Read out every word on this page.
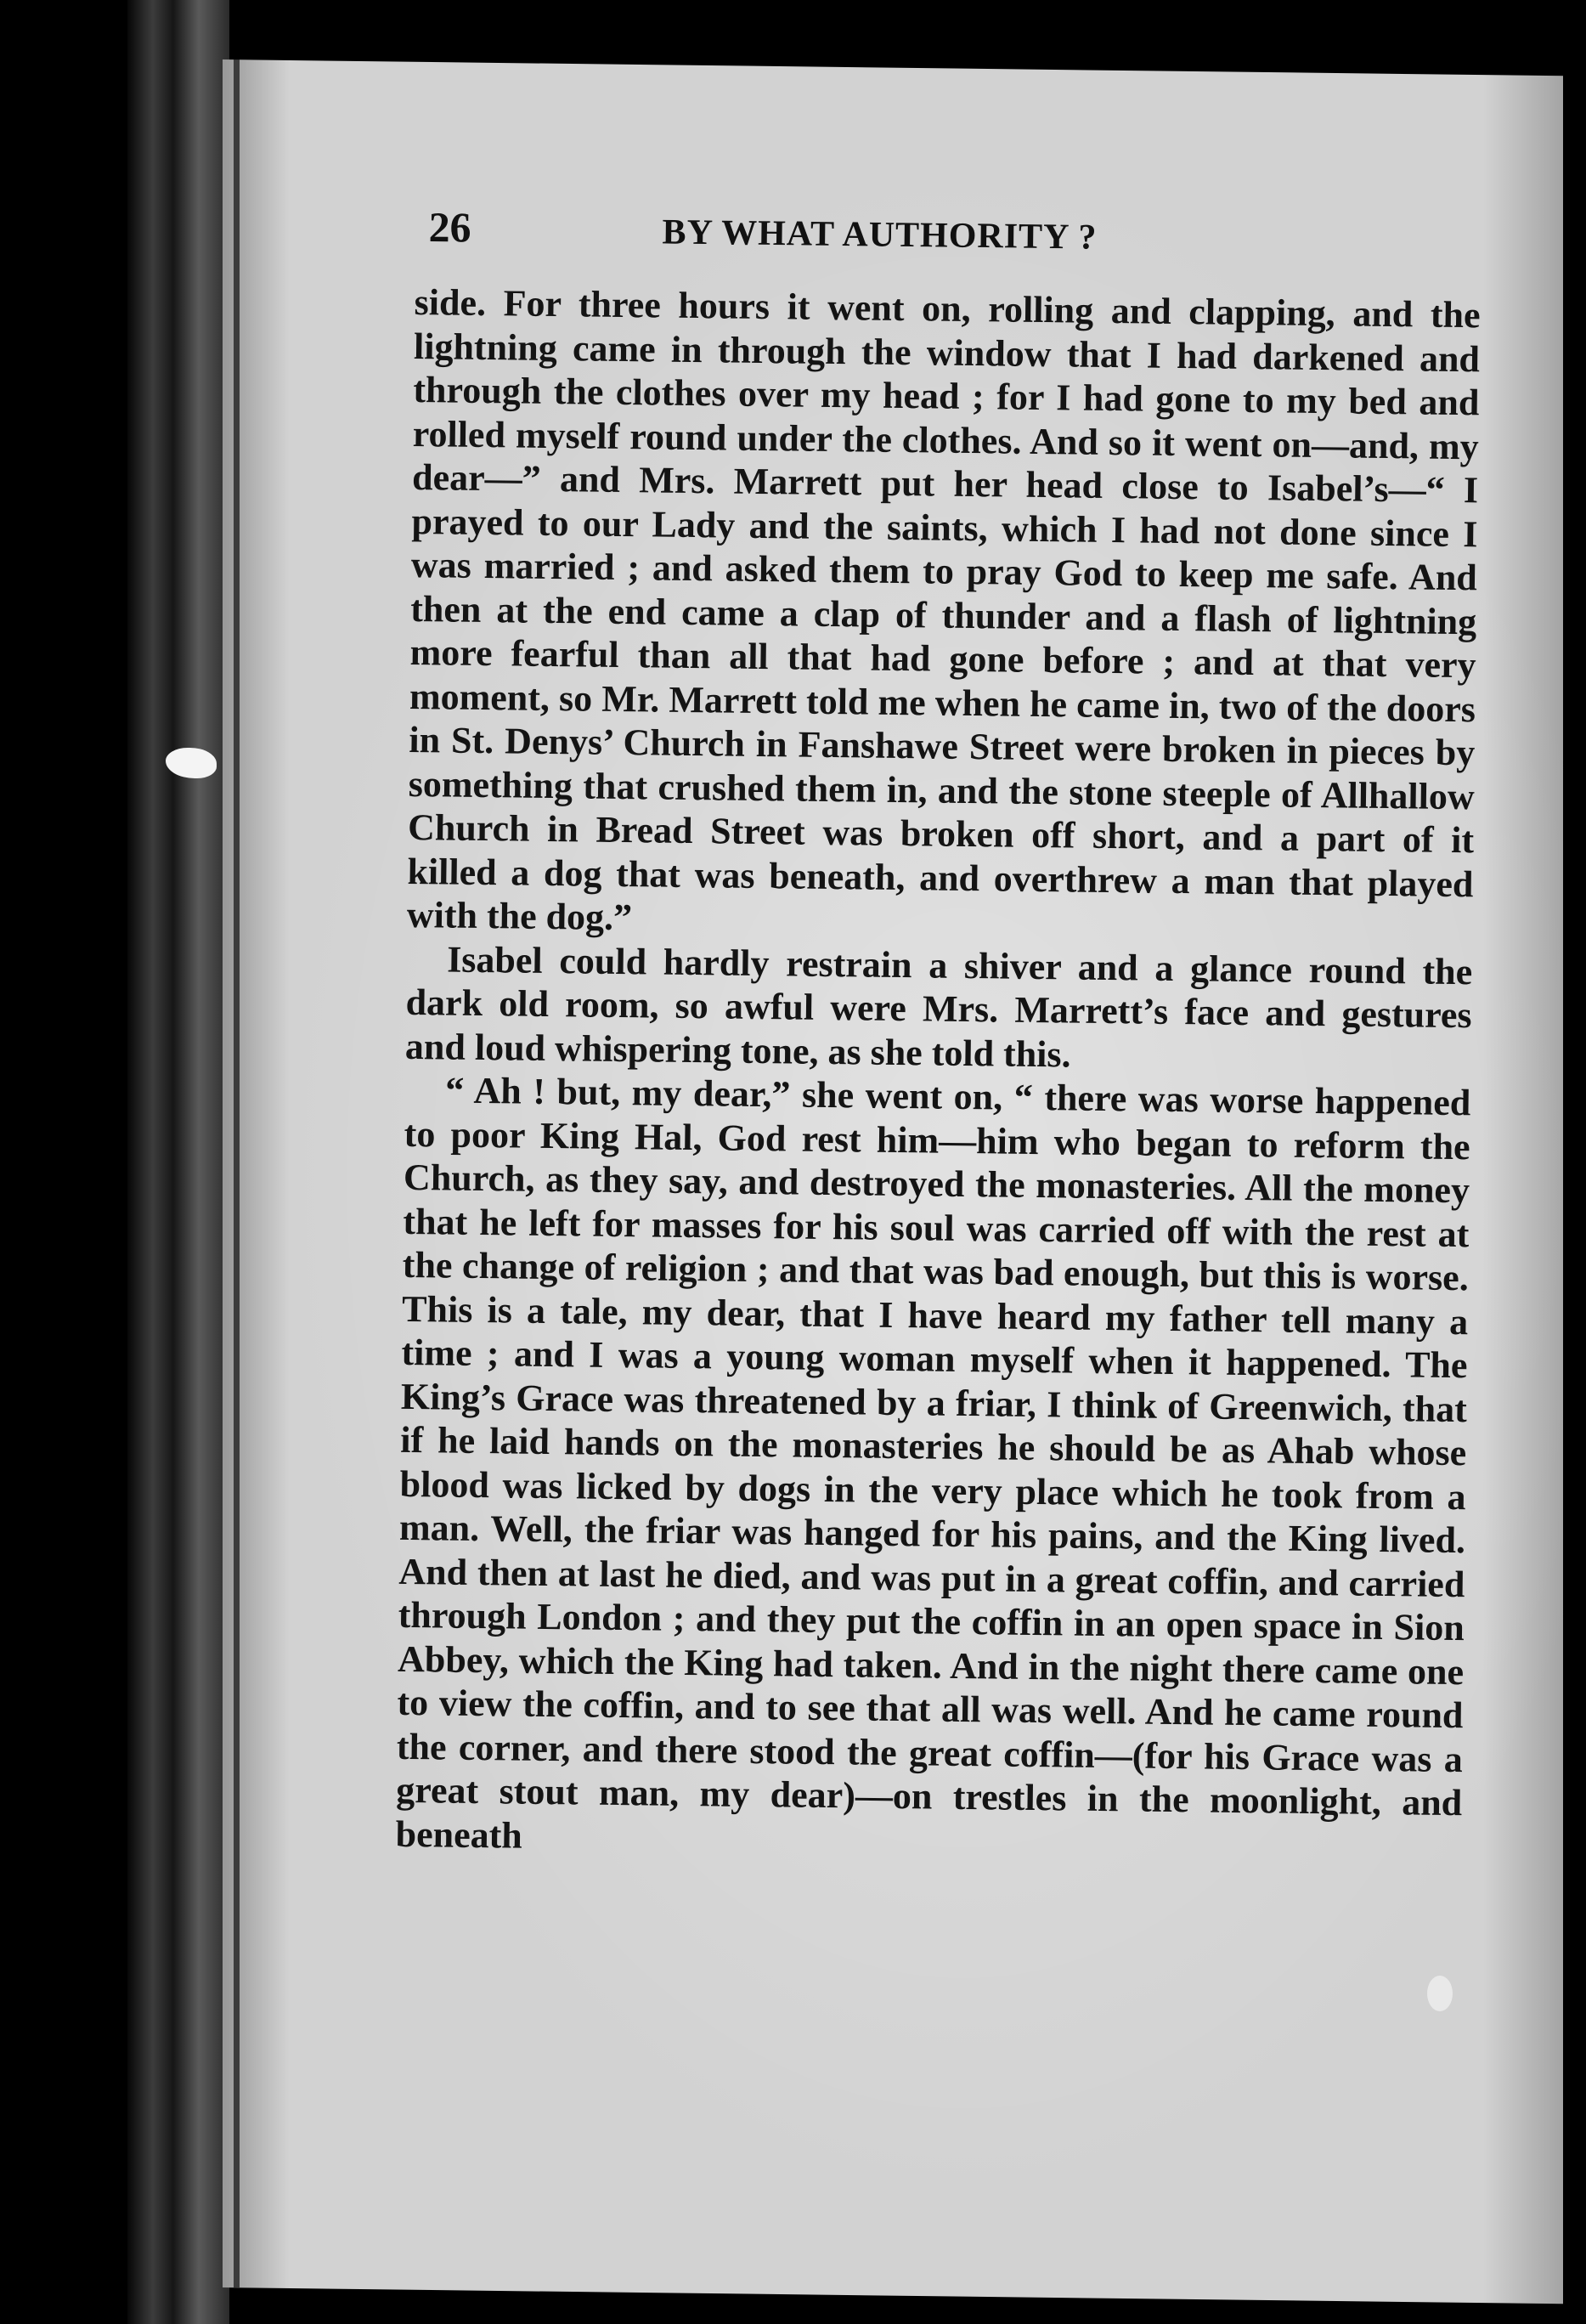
26	BY WHAT AUTHORITY ?

side. For three hours it went on, rolling and clapping, and the lightning came in through the window that I had darkened and through the clothes over my head ; for I had gone to my bed and rolled myself round under the clothes. And so it went on—and, my dear—” and Mrs. Marrett put her head close to Isabel’s—“ I prayed to our Lady and the saints, which I had not done since I was married ; and asked them to pray God to keep me safe. And then at the end came a clap of thunder and a flash of lightning more fearful than all that had gone before ; and at that very moment, so Mr. Marrett told me when he came in, two of the doors in St. Denys’ Church in Fanshawe Street were broken in pieces by something that crushed them in, and the stone steeple of Allhallow Church in Bread Street was broken off short, and a part of it killed a dog that was beneath, and overthrew a man that played with the dog.”

Isabel could hardly restrain a shiver and a glance round the dark old room, so awful were Mrs. Marrett’s face and gestures and loud whispering tone, as she told this.

“ Ah ! but, my dear,” she went on, “ there was worse happened to poor King Hal, God rest him—him who began to reform the Church, as they say, and destroyed the monasteries. All the money that he left for masses for his soul was carried off with the rest at the change of religion ; and that was bad enough, but this is worse. This is a tale, my dear, that I have heard my father tell many a time ; and I was a young woman myself when it happened. The King’s Grace was threatened by a friar, I think of Greenwich, that if he laid hands on the monasteries he should be as Ahab whose blood was licked by dogs in the very place which he took from a man. Well, the friar was hanged for his pains, and the King lived. And then at last he died, and was put in a great coffin, and carried through London ; and they put the coffin in an open space in Sion Abbey, which the King had taken. And in the night there came one to view the coffin, and to see that all was well. And he came round the corner, and there stood the great coffin—(for his Grace was a great stout man, my dear)—on trestles in the moonlight, and beneath
